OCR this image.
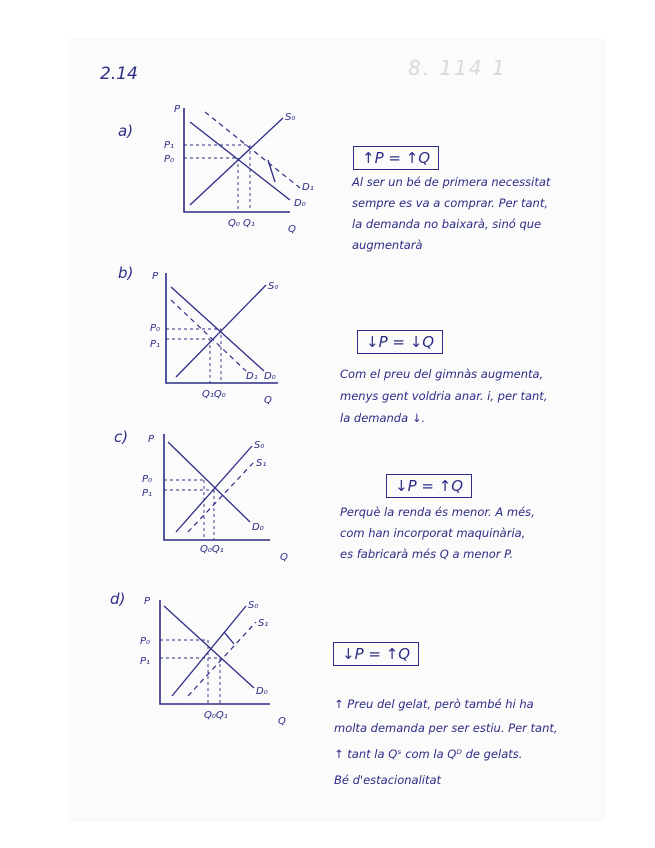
8. 114 1
2.14
a)
P
Q
S₀
D₁
D₀
P₁
P₀
Q₀ Q₁
↑P = ↑Q
Al ser un bé de primera necessitat
sempre es va a comprar. Per tant,
la demanda no baixarà, sinó que
augmentarà
b) P
Q
S₀
D₁ D₀
P₀
P₁
Q₁Q₀
↓P = ↓Q
Com el preu del gimnàs augmenta,
menys gent voldria anar. i, per tant,
la demanda ↓.
c) P
Q
S₀
S₁
D₀
P₀
P₁
Q₀Q₁
↓P = ↑Q
Perquè la renda és menor. A més,
com han incorporat maquinària,
es fabricarà més Q a menor P.
d) P
Q
S₀
S₁
D₀
P₀
P₁
Q₀Q₁
↓P = ↑Q
↑ Preu del gelat, però també hi ha
molta demanda per ser estiu. Per tant,
↑ tant la Qˢ com la Qᴰ de gelats.
Bé d'estacionalitat
